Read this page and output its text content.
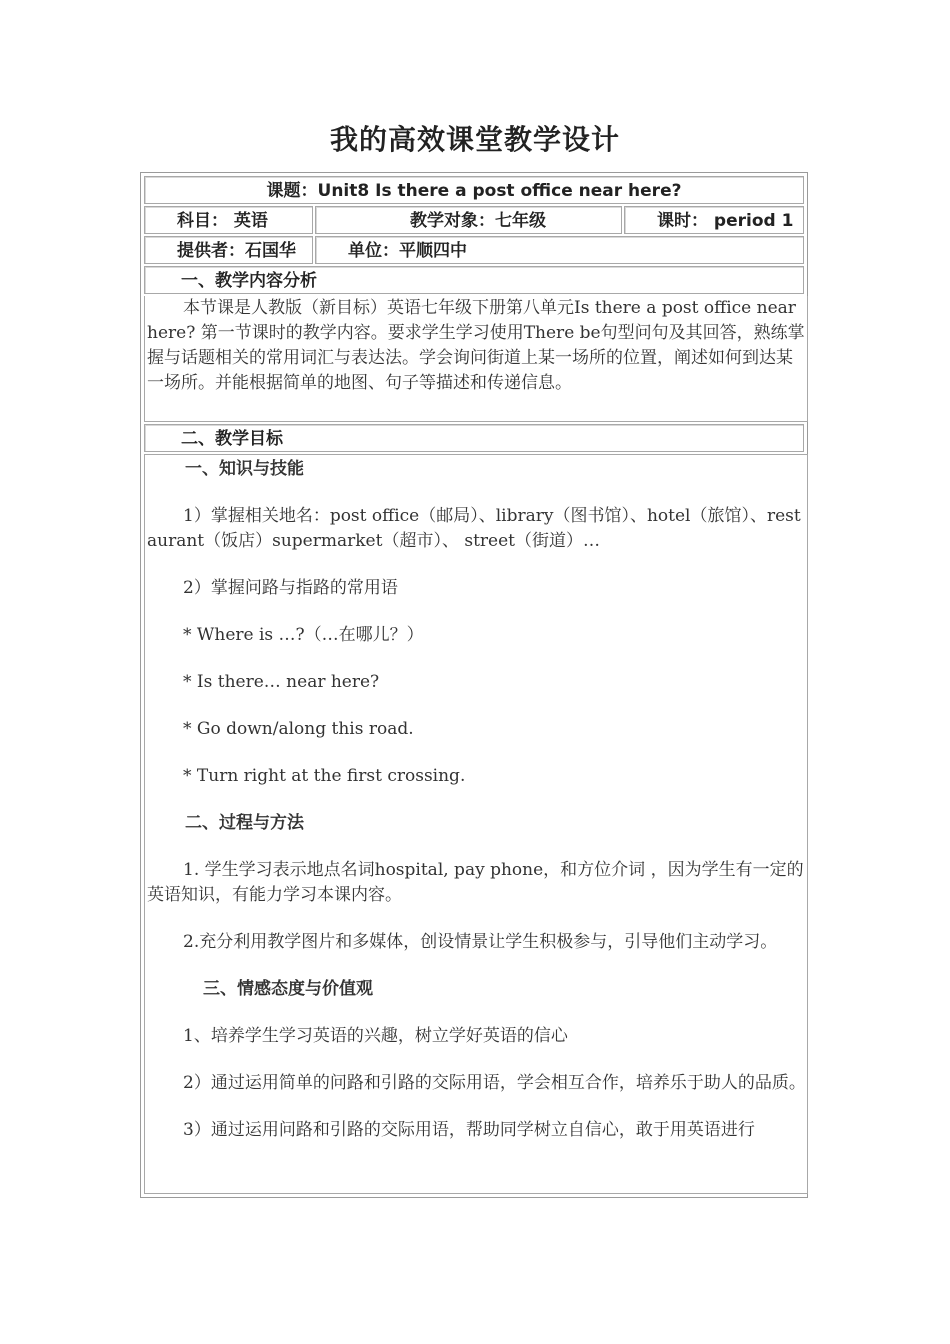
我的高效课堂教学设计
课题：Unit8 Is there a post office near here?
科目： 英语	教学对象：七年级	课时： period 1
提供者：石国华	单位：平顺四中
一、教学内容分析

本节课是人教版（新目标）英语七年级下册第八单元Is there a post office near here? 第一节课时的教学内容。要求学生学习使用There be句型问句及其回答，熟练掌握与话题相关的常用词汇与表达法。学会询问街道上某一场所的位置，阐述如何到达某一场所。并能根据简单的地图、句子等描述和传递信息。

二、教学目标
一、知识与技能

1）掌握相关地名：post office（邮局）、library（图书馆）、hotel（旅馆）、restaurant（饭店）supermarket（超市）、 street（街道）…

2）掌握问路与指路的常用语
* Where is …?（…在哪儿？）
* Is there… near here?
* Go down/along this road.
* Turn right at the first crossing.
二、过程与方法

1. 学生学习表示地点名词hospital, pay phone，和方位介词 ，因为学生有一定的英语知识，有能力学习本课内容。

2.充分利用教学图片和多媒体，创设情景让学生积极参与，引导他们主动学习。

三、情感态度与价值观
1、培养学生学习英语的兴趣，树立学好英语的信心

2）通过运用简单的问路和引路的交际用语，学会相互合作，培养乐于助人的品质。

3）通过运用问路和引路的交际用语，帮助同学树立自信心，敢于用英语进行
